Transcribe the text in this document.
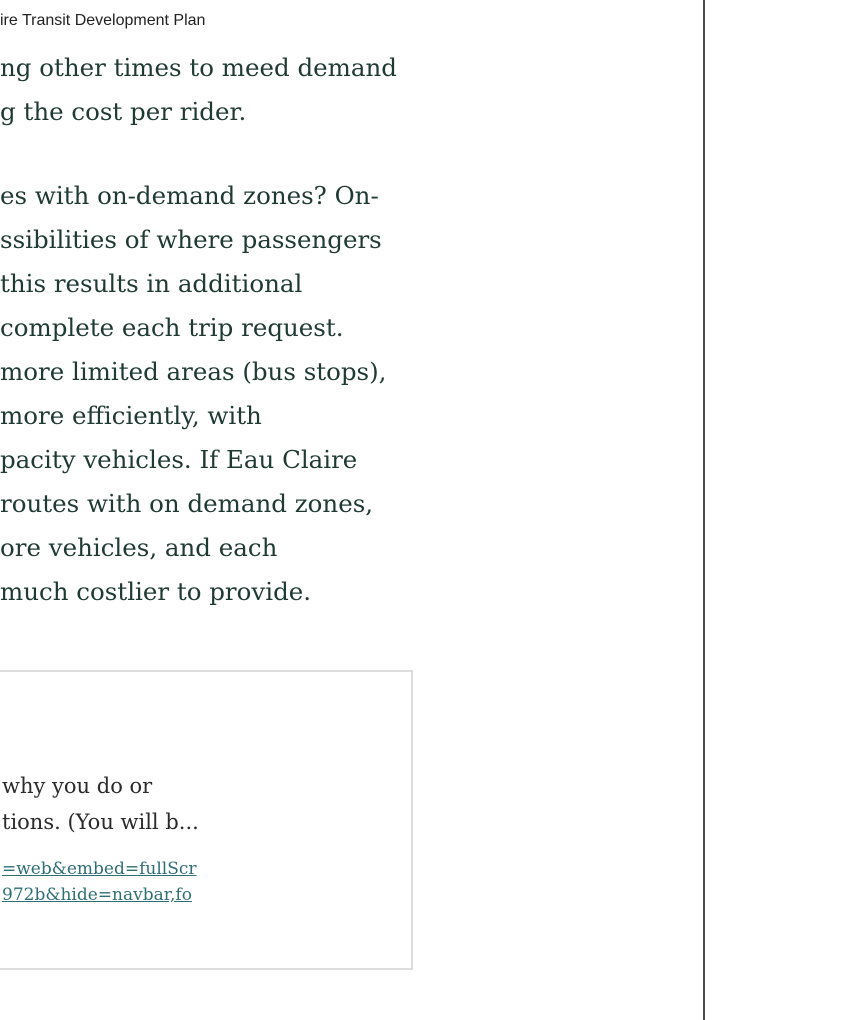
ire Transit Development Plan
ng other times to meed demand
g the cost per rider.
es with on-demand zones? On-
ssibilities of where passengers
this results in additional
complete each trip request.
more limited areas (bus stops),
more efficiently, with
pacity vehicles. If Eau Claire
routes with on demand zones,
ore vehicles, and each
much costlier to provide.
why you do or
tions. (You will b...
=web&embed=fullScr
972b&hide=navbar,fo
